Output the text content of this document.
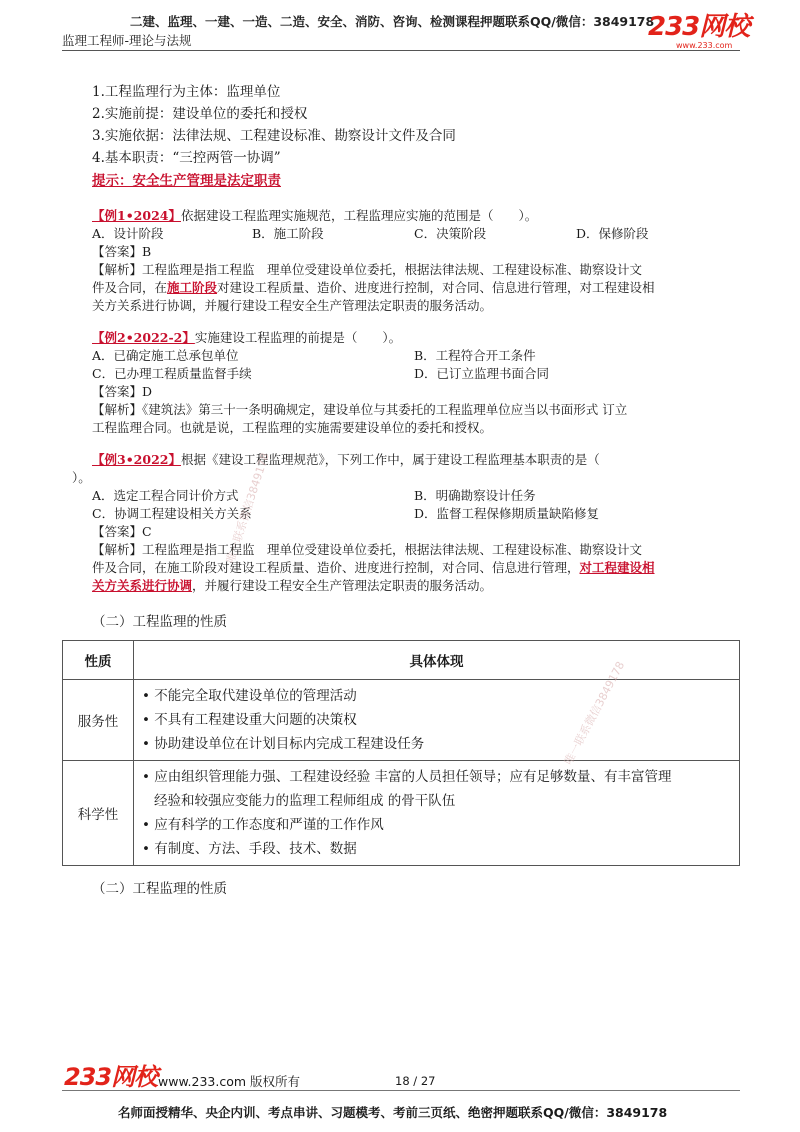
二建、监理、一建、一造、二造、安全、消防、咨询、检测课程押题联系QQ/微信：3849178
监理工程师-理论与法规	233网校
www.233.com
1.工程监理行为主体：监理单位
2.实施前提：建设单位的委托和授权
3.实施依据：法律法规、工程建设标准、勘察设计文件及合同
4.基本职责：“三控两管一协调”
提示：安全生产管理是法定职责
【例1•2024】依据建设工程监理实施规范，工程监理应实施的范围是（　　）。
A．设计阶段	B．施工阶段	C．决策阶段	D．保修阶段
【答案】B
【解析】工程监理是指工程监　理单位受建设单位委托，根据法律法规、工程建设标准、勘察设计文
件及合同，在施工阶段对建设工程质量、造价、进度进行控制，对合同、信息进行管理，对工程建设相
关方关系进行协调，并履行建设工程安全生产管理法定职责的服务活动。
【例2•2022-2】实施建设工程监理的前提是（　　）。
A．已确定施工总承包单位	B．工程符合开工条件
C．已办理工程质量监督手续	D．已订立监理书面合同
【答案】D
【解析】《建筑法》第三十一条明确规定，建设单位与其委托的工程监理单位应当以书面形式 订立
工程监理合同。也就是说，工程监理的实施需要建设单位的委托和授权。
【例3•2022】根据《建设工程监理规范》，下列工作中，属于建设工程监理基本职责的是（
）。
A．选定工程合同计价方式	B．明确勘察设计任务
C．协调工程建设相关方关系	D．监督工程保修期质量缺陷修复
【答案】C
【解析】工程监理是指工程监　理单位受建设单位委托，根据法律法规、工程建设标准、勘察设计文
件及合同，在施工阶段对建设工程质量、造价、进度进行控制，对合同、信息进行管理，对工程建设相
关方关系进行协调，并履行建设工程安全生产管理法定职责的服务活动。
（二）工程监理的性质
性质	具体体现
服务性	• 不能完全取代建设单位的管理活动
• 不具有工程建设重大问题的决策权
• 协助建设单位在计划目标内完成工程建设任务

科学性	• 应由组织管理能力强、工程建设经验 丰富的人员担任领导；应有足够数量、有丰富管理
经验和较强应变能力的监理工程师组成 的骨干队伍
• 应有科学的工作态度和严谨的工作作风
• 有制度、方法、手段、技术、数据
（二）工程监理的性质
唯一联系微信3849178
唯一联系微信3849178
233网校 www.233.com 版权所有	18 / 27
名师面授精华、央企内训、考点串讲、习题模考、考前三页纸、绝密押题联系QQ/微信：3849178
